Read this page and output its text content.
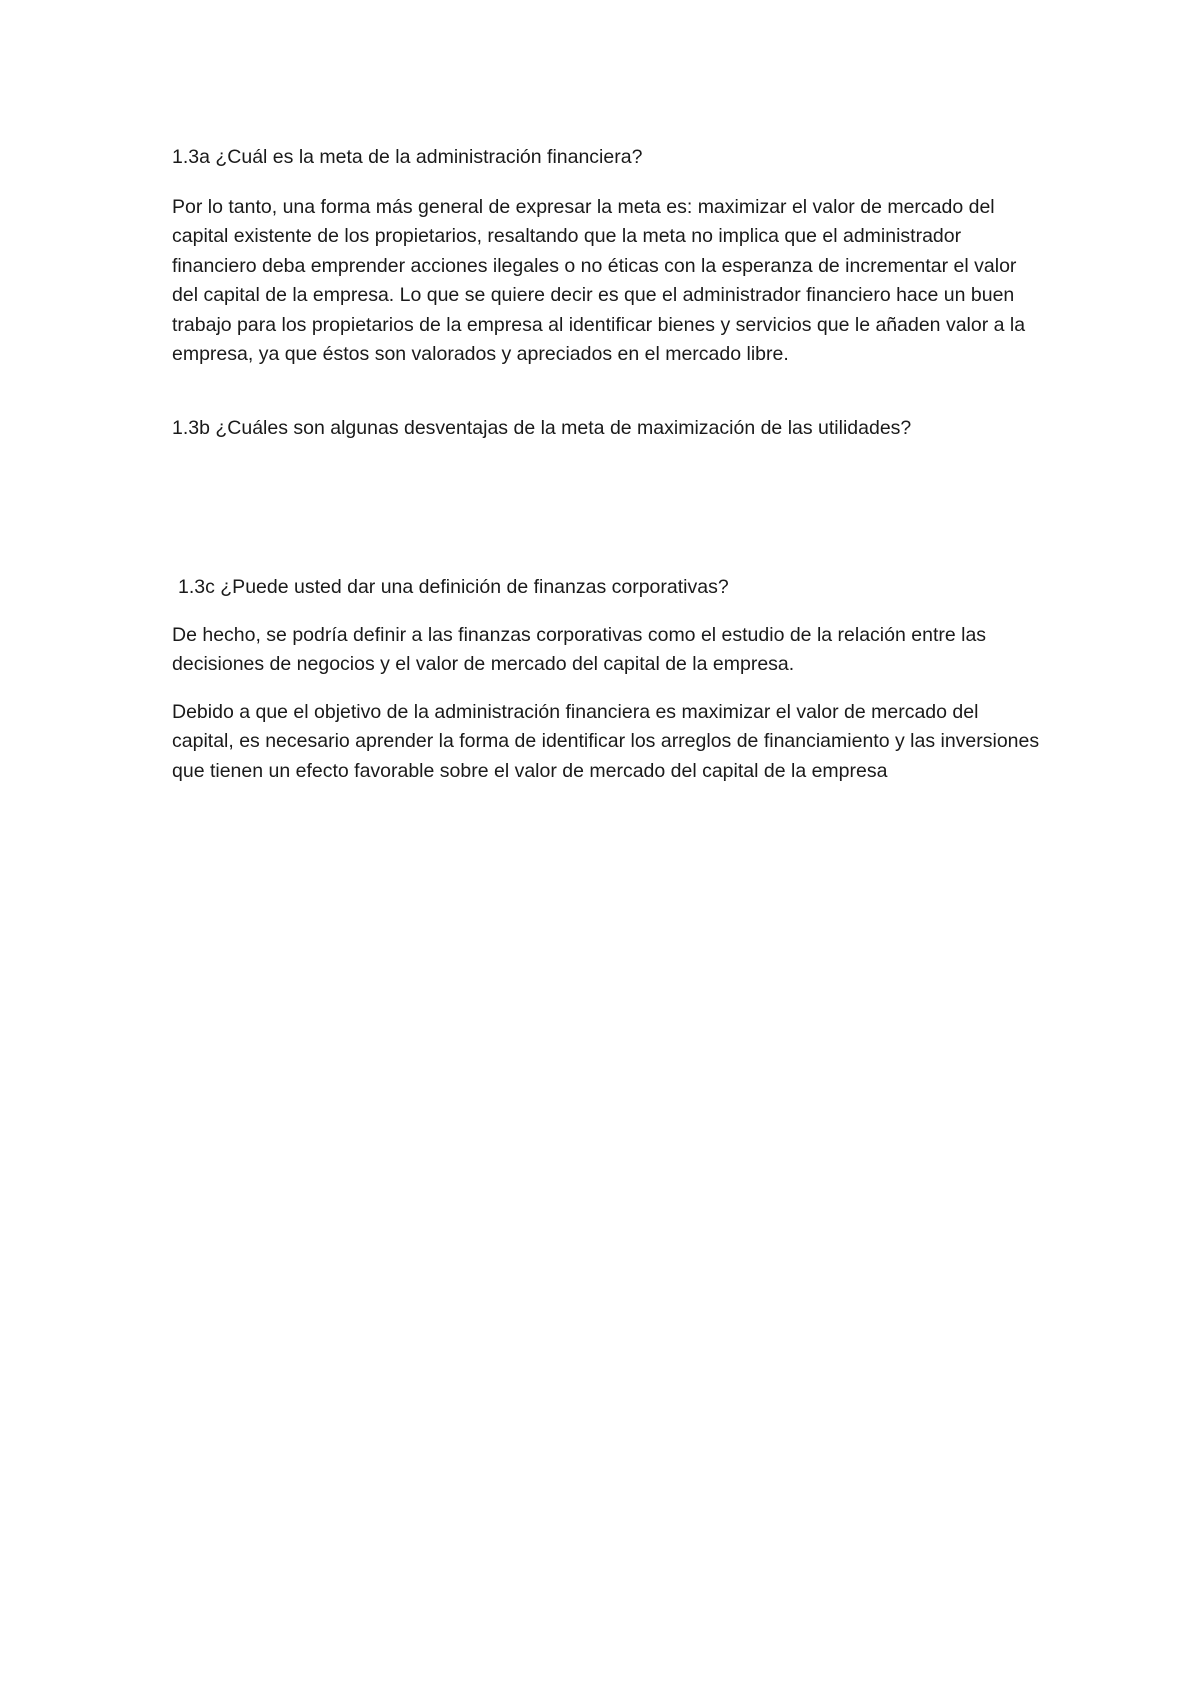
1.3a ¿Cuál es la meta de la administración financiera?

Por lo tanto, una forma más general de expresar la meta es: maximizar el valor de mercado del capital existente de los propietarios, resaltando que la meta no implica que el administrador financiero deba emprender acciones ilegales o no éticas con la esperanza de incrementar el valor del capital de la empresa. Lo que se quiere decir es que el administrador financiero hace un buen trabajo para los propietarios de la empresa al identificar bienes y servicios que le añaden valor a la empresa, ya que éstos son valorados y apreciados en el mercado libre.

1.3b ¿Cuáles son algunas desventajas de la meta de maximización de las utilidades?

1.3c ¿Puede usted dar una definición de finanzas corporativas?

De hecho, se podría definir a las finanzas corporativas como el estudio de la relación entre las decisiones de negocios y el valor de mercado del capital de la empresa.

Debido a que el objetivo de la administración financiera es maximizar el valor de mercado del capital, es necesario aprender la forma de identificar los arreglos de financiamiento y las inversiones que tienen un efecto favorable sobre el valor de mercado del capital de la empresa
